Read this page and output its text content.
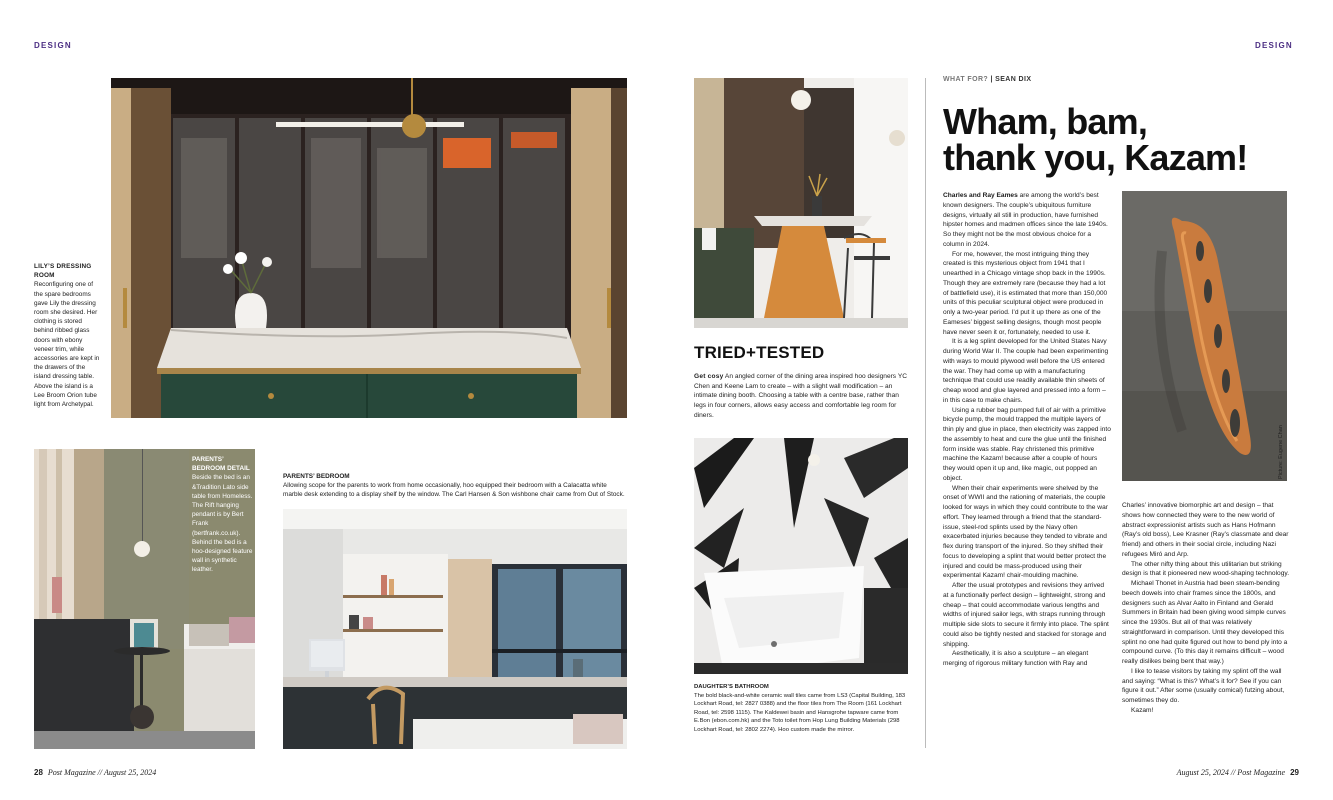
DESIGN	DESIGN
LILY’S DRESSING ROOM
Reconfiguring one of the spare bedrooms gave Lily the dressing room she desired. Her clothing is stored behind ribbed glass doors with ebony veneer trim, while accessories are kept in the drawers of the island dressing table. Above the island is a Lee Broom Orion tube light from Archetypal.
PARENTS’ BEDROOM DETAIL
Beside the bed is an &Tradition Lato side table from Homeless. The Rift hanging pendant is by Bert Frank (bertfrank.co.uk). Behind the bed is a hoo-designed feature wall in synthetic leather.
PARENTS’ BEDROOM
Allowing scope for the parents to work from home occasionally, hoo equipped their bedroom with a Calacatta white marble desk extending to a display shelf by the window. The Carl Hansen & Son wishbone chair came from Out of Stock.
28 Post Magazine // August 25, 2024
TRIED+TESTED
Get cosy An angled corner of the dining area inspired hoo designers YC Chen and Keene Lam to create – with a slight wall modification – an intimate dining booth. Choosing a table with a centre base, rather than legs in four corners, allows easy access and comfortable leg room for diners.
DAUGHTER’S BATHROOM
The bold black-and-white ceramic wall tiles came from LS3 (Capital Building, 183 Lockhart Road, tel: 2827 0388) and the floor tiles from The Room (161 Lockhart Road, tel: 2598 1115). The Kaldewei basin and Hansgrohe tapware came from E.Bon (ebon.com.hk) and the Toto toilet from Hop Lung Building Materials (298 Lockhart Road, tel: 2802 2274). Hoo custom made the mirror.
WHAT FOR? | SEAN DIX
Wham, bam,
thank you, Kazam!

Charles and Ray Eames are among the world’s best known designers. The couple’s ubiquitous furniture designs, virtually all still in production, have furnished hipster homes and madmen offices since the late 1940s. So they might not be the most obvious choice for a column in 2024.

For me, however, the most intriguing thing they created is this mysterious object from 1941 that I unearthed in a Chicago vintage shop back in the 1990s. Though they are extremely rare (because they had a lot of battlefield use), it is estimated that more than 150,000 units of this peculiar sculptural object were produced in only a two-year period. I’d put it up there as one of the Eameses’ biggest selling designs, though most people have never seen it or, fortunately, needed to use it.

It is a leg splint developed for the United States Navy during World War II. The couple had been experimenting with ways to mould plywood well before the US entered the war. They had come up with a manufacturing technique that could use readily available thin sheets of cheap wood and glue layered and pressed into a form – in this case to make chairs.

Using a rubber bag pumped full of air with a primitive bicycle pump, the mould trapped the multiple layers of thin ply and glue in place, then electricity was zapped into the assembly to heat and cure the glue until the finished form inside was stable. Ray christened this primitive machine the Kazam! because after a couple of hours they would open it up and, like magic, out popped an object.

When their chair experiments were shelved by the onset of WWII and the rationing of materials, the couple looked for ways in which they could contribute to the war effort. They learned through a friend that the standard-issue, steel-rod splints used by the Navy often exacerbated injuries because they tended to vibrate and flex during transport of the injured. So they shifted their focus to developing a splint that would better protect the injured and could be mass-produced using their experimental Kazam! chair-moulding machine.

After the usual prototypes and revisions they arrived at a functionally perfect design – lightweight, strong and cheap – that could accommodate various lengths and widths of injured sailor legs, with straps running through multiple side slots to secure it firmly into place. The splint could also be tightly nested and stacked for storage and shipping.

Aesthetically, it is also a sculpture – an elegant merging of rigorous military function with Ray and

Picture: Eugene Chan

Charles’ innovative biomorphic art and design – that shows how connected they were to the new world of abstract expressionist artists such as Hans Hofmann (Ray’s old boss), Lee Krasner (Ray’s classmate and dear friend) and others in their social circle, including Nazi refugees Miró and Arp.

The other nifty thing about this utilitarian but striking design is that it pioneered new wood-shaping technology.

Michael Thonet in Austria had been steam-bending beech dowels into chair frames since the 1800s, and designers such as Alvar Aalto in Finland and Gerald Summers in Britain had been giving wood simple curves since the 1930s. But all of that was relatively straightforward in comparison. Until they developed this splint no one had quite figured out how to bend ply into a compound curve. (To this day it remains difficult – wood really dislikes being bent that way.)

I like to tease visitors by taking my splint off the wall and saying: “What is this? What’s it for? See if you can figure it out.” After some (usually comical) futzing about, sometimes they do.

Kazam!

August 25, 2024 // Post Magazine 29
